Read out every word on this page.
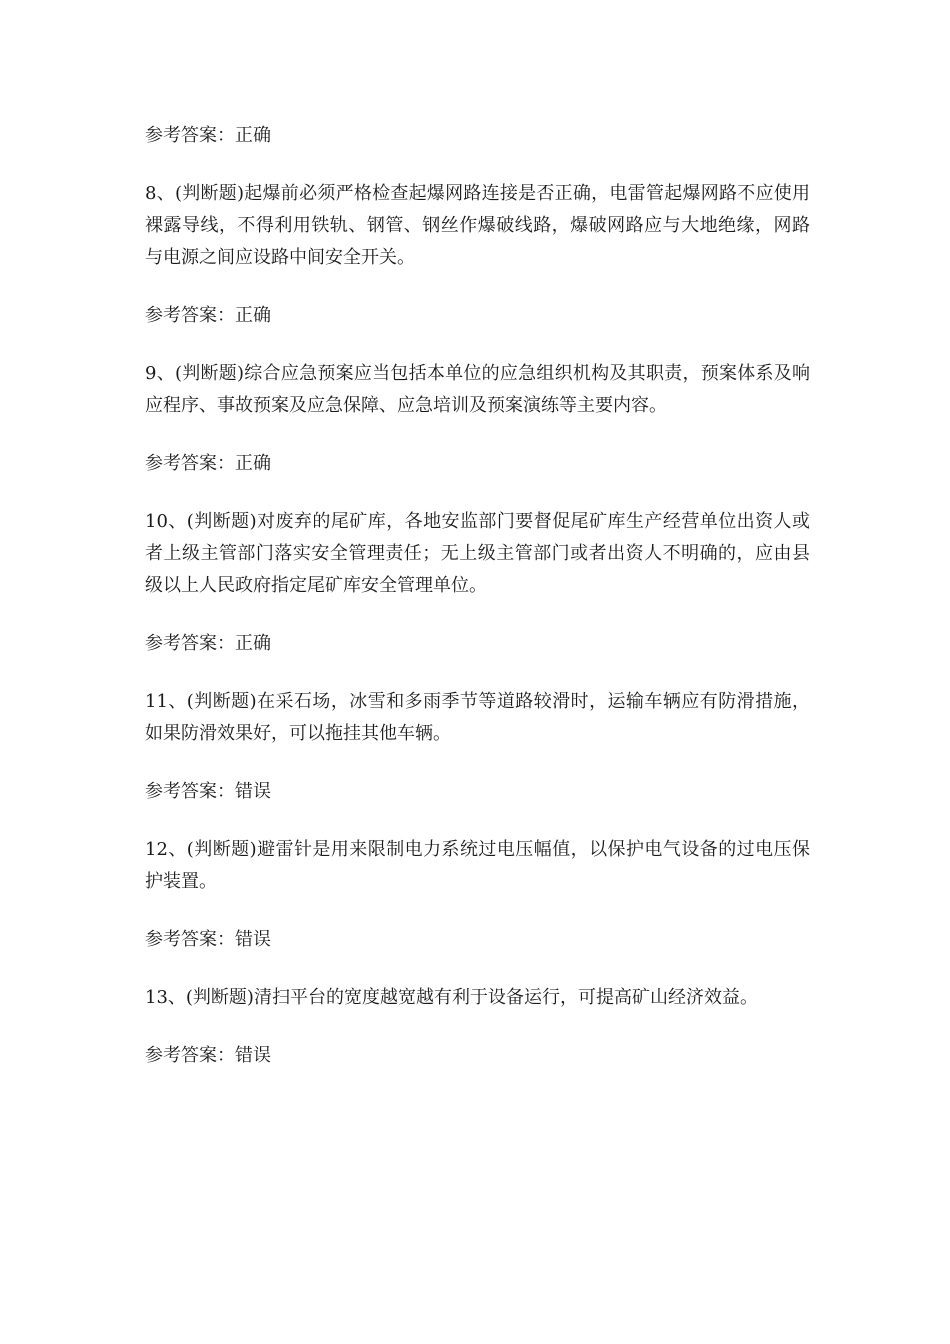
参考答案：正确

8、(判断题)起爆前必须严格检查起爆网路连接是否正确，电雷管起爆网路不应使用裸露导线，不得利用铁轨、钢管、钢丝作爆破线路，爆破网路应与大地绝缘，网路与电源之间应设路中间安全开关。

参考答案：正确

9、(判断题)综合应急预案应当包括本单位的应急组织机构及其职责，预案体系及响应程序、事故预案及应急保障、应急培训及预案演练等主要内容。

参考答案：正确

10、(判断题)对废弃的尾矿库，各地安监部门要督促尾矿库生产经营单位出资人或者上级主管部门落实安全管理责任；无上级主管部门或者出资人不明确的，应由县级以上人民政府指定尾矿库安全管理单位。

参考答案：正确

11、(判断题)在采石场，冰雪和多雨季节等道路较滑时，运输车辆应有防滑措施，如果防滑效果好，可以拖挂其他车辆。

参考答案：错误

12、(判断题)避雷针是用来限制电力系统过电压幅值，以保护电气设备的过电压保护装置。

参考答案：错误

13、(判断题)清扫平台的宽度越宽越有利于设备运行，可提高矿山经济效益。

参考答案：错误
